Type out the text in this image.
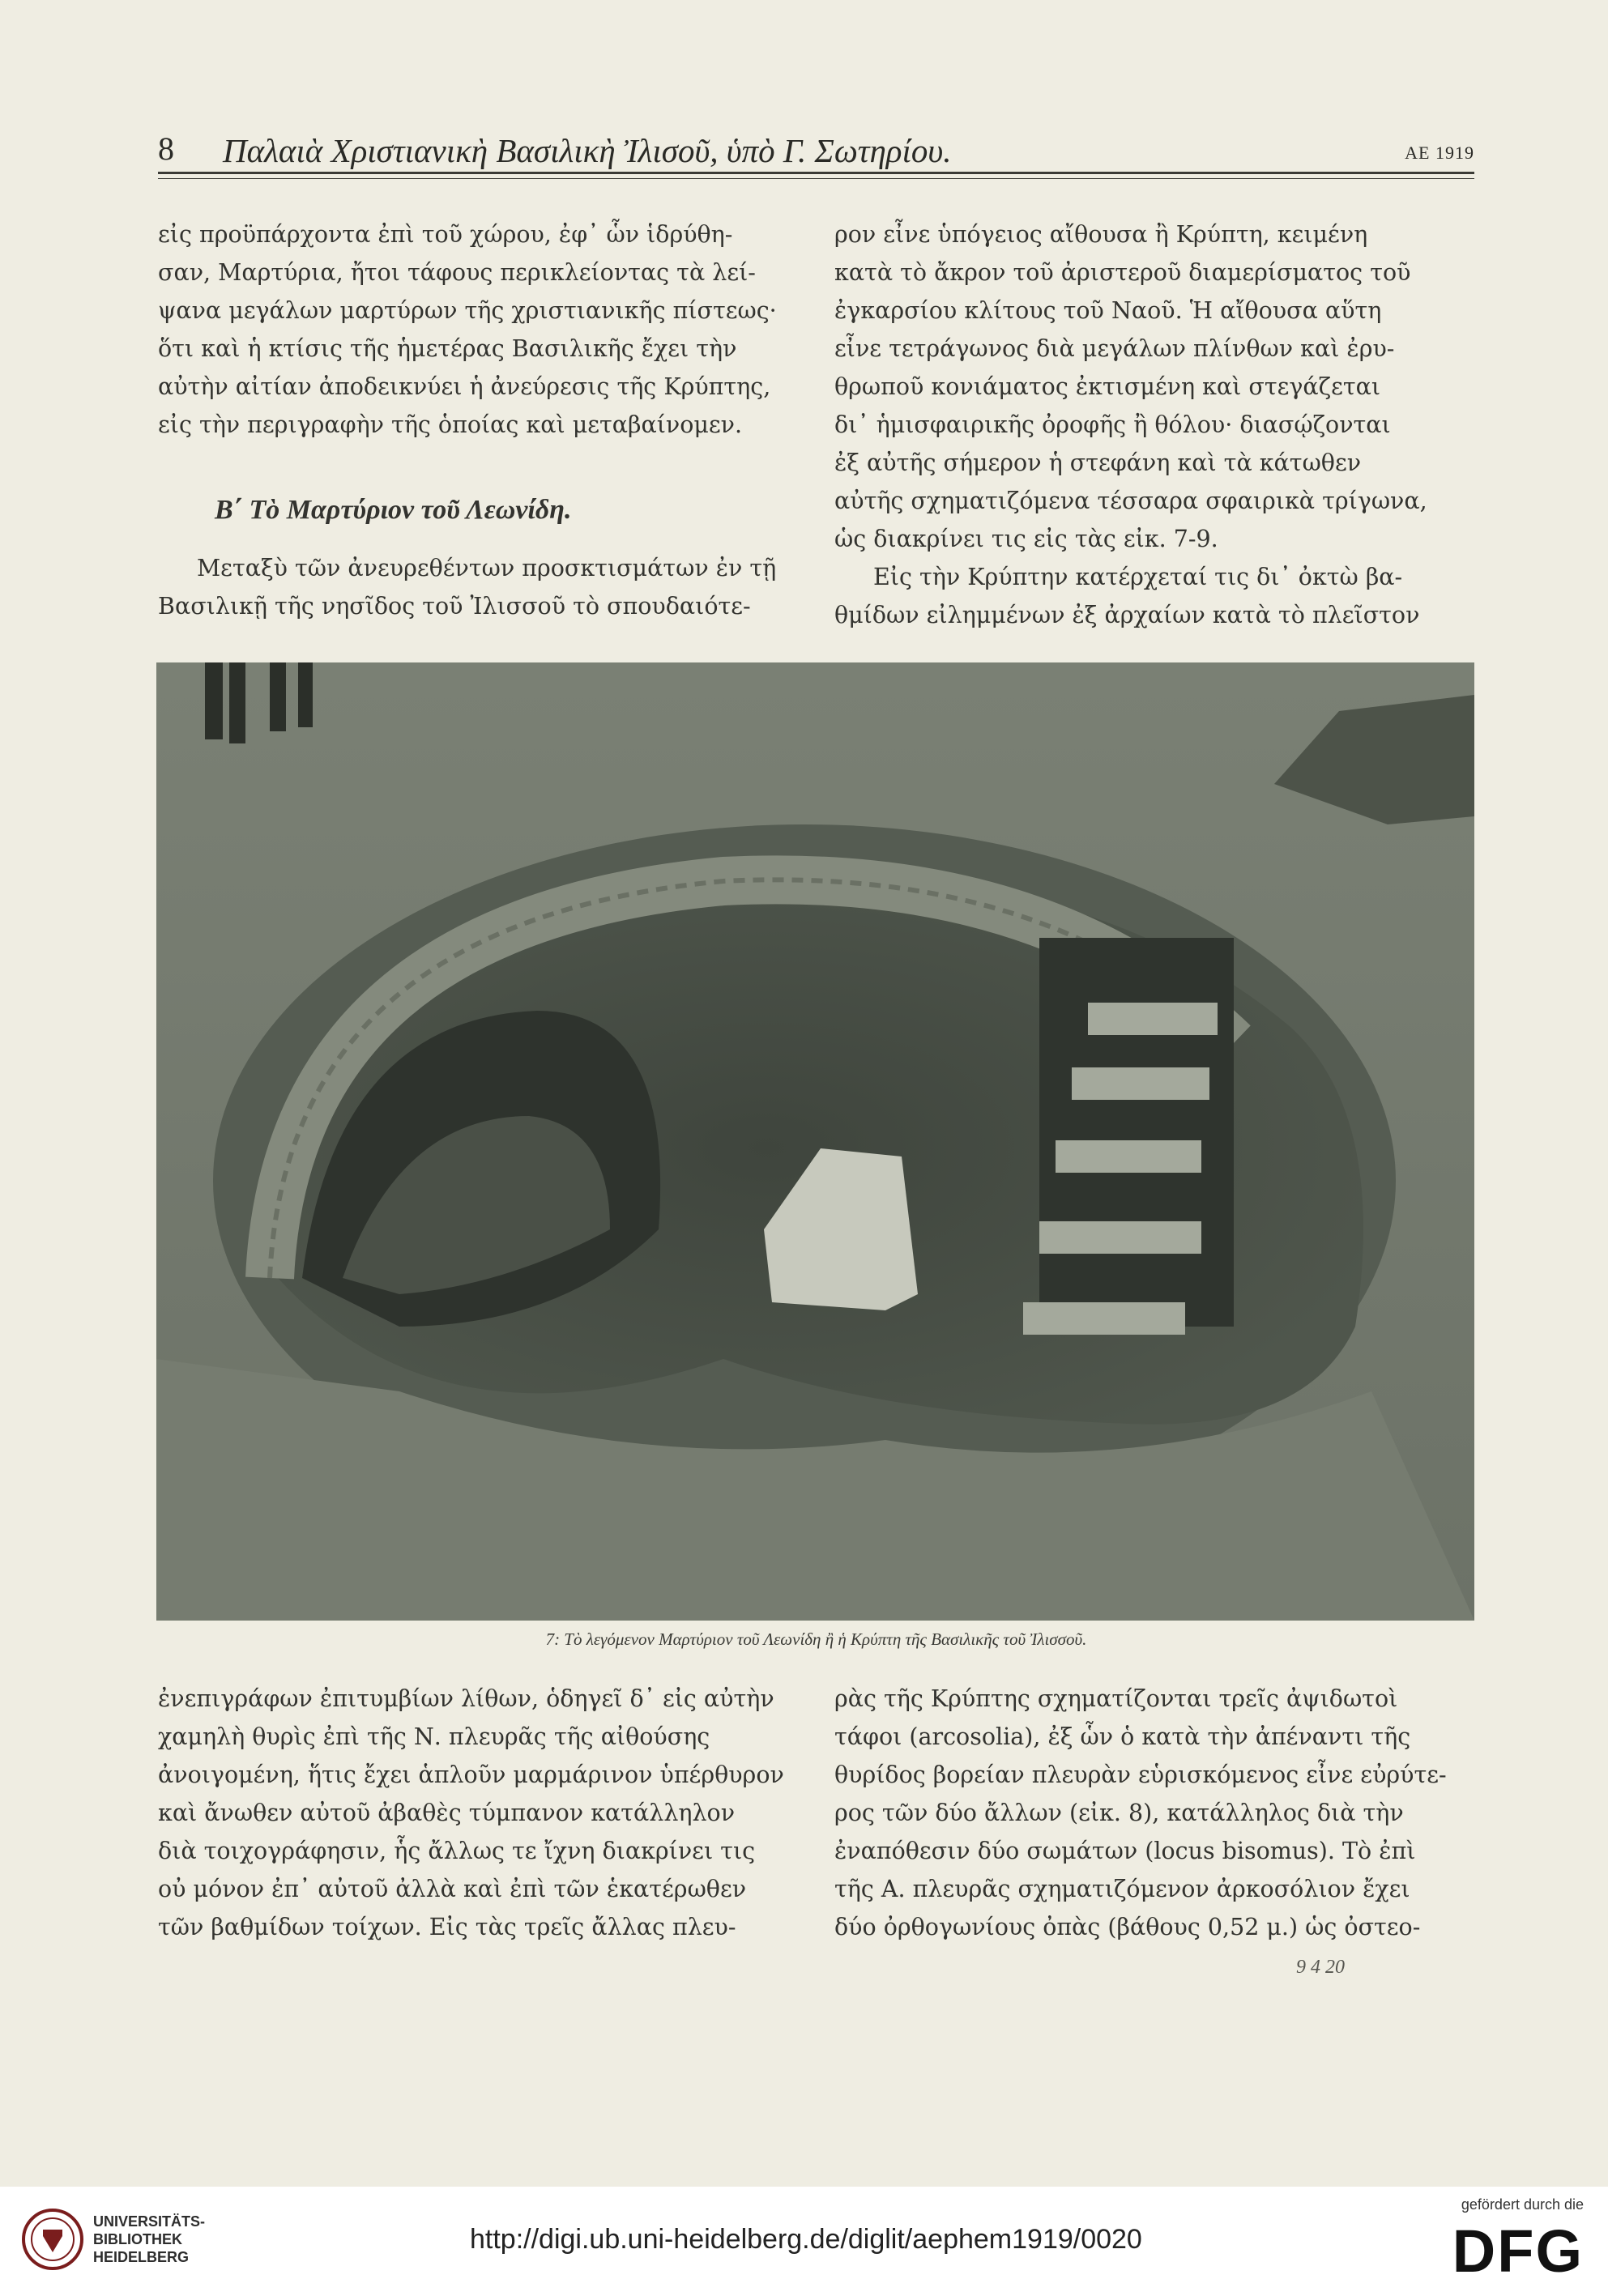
8 Παλαιὰ Χριστιανικὴ Βασιλικὴ Ἰλισοῦ, ὑπὸ Γ. Σωτηρίου.	ΑΕ 1919

εἰς προϋπάρχοντα ἐπὶ τοῦ χώρου, ἐφ᾿ ὧν ἱδρύθη-

σαν, Μαρτύρια, ἤτοι τάφους περικλείοντας τὰ λεί-

ψανα μεγάλων μαρτύρων τῆς χριστιανικῆς πίστεως·

ὅτι καὶ ἡ κτίσις τῆς ἡμετέρας Βασιλικῆς ἔχει τὴν

αὐτὴν αἰτίαν ἀποδεικνύει ἡ ἀνεύρεσις τῆς Κρύπτης,

εἰς τὴν περιγραφὴν τῆς ὁποίας καὶ μεταβαίνομεν.

Β΄ Τὸ Μαρτύριον τοῦ Λεωνίδη.

Μεταξὺ τῶν ἀνευρεθέντων προσκτισμάτων ἐν τῇ

Βασιλικῇ τῆς νησῖδος τοῦ Ἰλισσοῦ τὸ σπουδαιότε-

ρον εἶνε ὑπόγειος αἴθουσα ἢ Κρύπτη, κειμένη

κατὰ τὸ ἄκρον τοῦ ἀριστεροῦ διαμερίσματος τοῦ

ἐγκαρσίου κλίτους τοῦ Ναοῦ. Ἡ αἴθουσα αὕτη

εἶνε τετράγωνος διὰ μεγάλων πλίνθων καὶ ἐρυ-

θρωποῦ κονιάματος ἐκτισμένη καὶ στεγάζεται

δι᾿ ἡμισφαιρικῆς ὀροφῆς ἢ θόλου· διασῴζονται

ἐξ αὐτῆς σήμερον ἡ στεφάνη καὶ τὰ κάτωθεν

αὐτῆς σχηματιζόμενα τέσσαρα σφαιρικὰ τρίγωνα,

ὡς διακρίνει τις εἰς τὰς εἰκ. 7-9.

Εἰς τὴν Κρύπτην κατέρχεταί τις δι᾿ ὀκτὼ βα-

θμίδων εἰλημμένων ἐξ ἀρχαίων κατὰ τὸ πλεῖστον

7: Τὸ λεγόμενον Μαρτύριον τοῦ Λεωνίδη ἢ ἡ Κρύπτη τῆς Βασιλικῆς τοῦ Ἰλισσοῦ.

ἐνεπιγράφων ἐπιτυμβίων λίθων, ὁδηγεῖ δ᾿ εἰς αὐτὴν

χαμηλὴ θυρὶς ἐπὶ τῆς Ν. πλευρᾶς τῆς αἰθούσης

ἀνοιγομένη, ἥτις ἔχει ἁπλοῦν μαρμάρινον ὑπέρθυρον

καὶ ἄνωθεν αὐτοῦ ἀβαθὲς τύμπανον κατάλληλον

διὰ τοιχογράφησιν, ἧς ἄλλως τε ἴχνη διακρίνει τις

οὐ μόνον ἐπ᾿ αὐτοῦ ἀλλὰ καὶ ἐπὶ τῶν ἑκατέρωθεν

τῶν βαθμίδων τοίχων. Εἰς τὰς τρεῖς ἄλλας πλευ-

ρὰς τῆς Κρύπτης σχηματίζονται τρεῖς ἀψιδωτοὶ

τάφοι (arcosolia), ἐξ ὧν ὁ κατὰ τὴν ἀπέναντι τῆς

θυρίδος βορείαν πλευρὰν εὑρισκόμενος εἶνε εὐρύτε-

ρος τῶν δύο ἄλλων (εἰκ. 8), κατάλληλος διὰ τὴν

ἐναπόθεσιν δύο σωμάτων (locus bisomus). Τὸ ἐπὶ

τῆς Α. πλευρᾶς σχηματιζόμενον ἀρκοσόλιον ἔχει

δύο ὀρθογωνίους ὀπὰς (βάθους 0,52 μ.) ὡς ὀστεο-

9 4 20
UNIVERSITÄTS-
BIBLIOTHEK
HEIDELBERG
http://digi.ub.uni-heidelberg.de/diglit/aephem1919/0020
gefördert durch die
DFG
